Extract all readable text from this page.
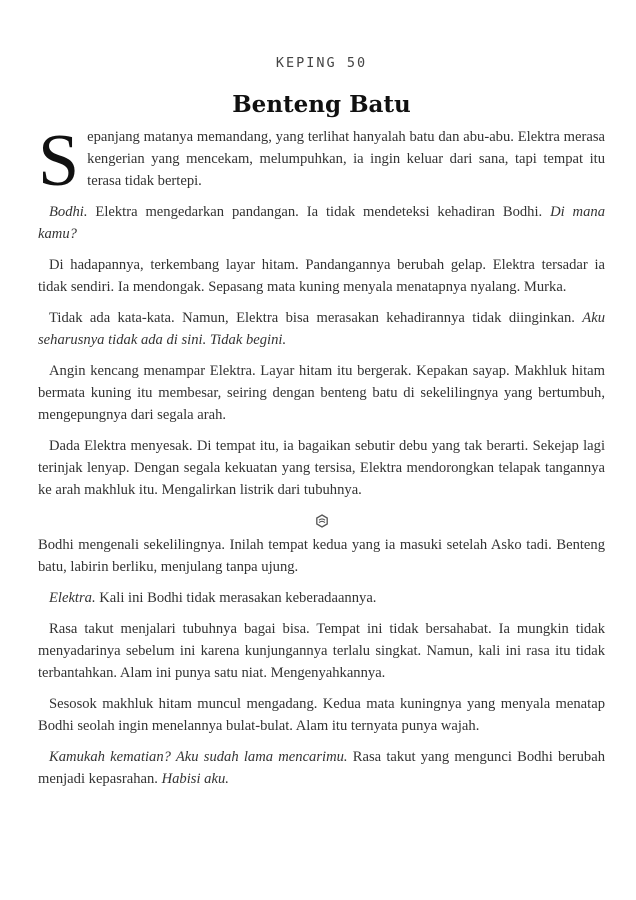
KEPING 50
Benteng Batu

Sepanjang matanya memandang, yang terlihat hanyalah batu dan abu-abu. Elektra merasa kengerian yang mencekam, melumpuhkan, ia ingin keluar dari sana, tapi tempat itu terasa tidak bertepi.

Bodhi. Elektra mengedarkan pandangan. Ia tidak mendeteksi kehadiran Bodhi. Di mana kamu?

Di hadapannya, terkembang layar hitam. Pandangannya berubah gelap. Elektra tersadar ia tidak sendiri. Ia mendongak. Sepasang mata kuning menyala menatapnya nyalang. Murka.

Tidak ada kata-kata. Namun, Elektra bisa merasakan kehadirannya tidak diinginkan. Aku seharusnya tidak ada di sini. Tidak begini.

Angin kencang menampar Elektra. Layar hitam itu bergerak. Kepakan sayap. Makhluk hitam bermata kuning itu membesar, seiring dengan benteng batu di sekelilingnya yang bertumbuh, mengepungnya dari segala arah.

Dada Elektra menyesak. Di tempat itu, ia bagaikan sebutir debu yang tak berarti. Sekejap lagi terinjak lenyap. Dengan segala kekuatan yang tersisa, Elektra mendorongkan telapak tangannya ke arah makhluk itu. Mengalirkan listrik dari tubuhnya.

Bodhi mengenali sekelilingnya. Inilah tempat kedua yang ia masuki setelah Asko tadi. Benteng batu, labirin berliku, menjulang tanpa ujung.

Elektra. Kali ini Bodhi tidak merasakan keberadaannya.

Rasa takut menjalari tubuhnya bagai bisa. Tempat ini tidak bersahabat. Ia mungkin tidak menyadarinya sebelum ini karena kunjungannya terlalu singkat. Namun, kali ini rasa itu tidak terbantahkan. Alam ini punya satu niat. Mengenyahkannya.

Sesosok makhluk hitam muncul mengadang. Kedua mata kuningnya yang menyala menatap Bodhi seolah ingin menelannya bulat-bulat. Alam itu ternyata punya wajah.

Kamukah kematian? Aku sudah lama mencarimu. Rasa takut yang mengunci Bodhi berubah menjadi kepasrahan. Habisi aku.
